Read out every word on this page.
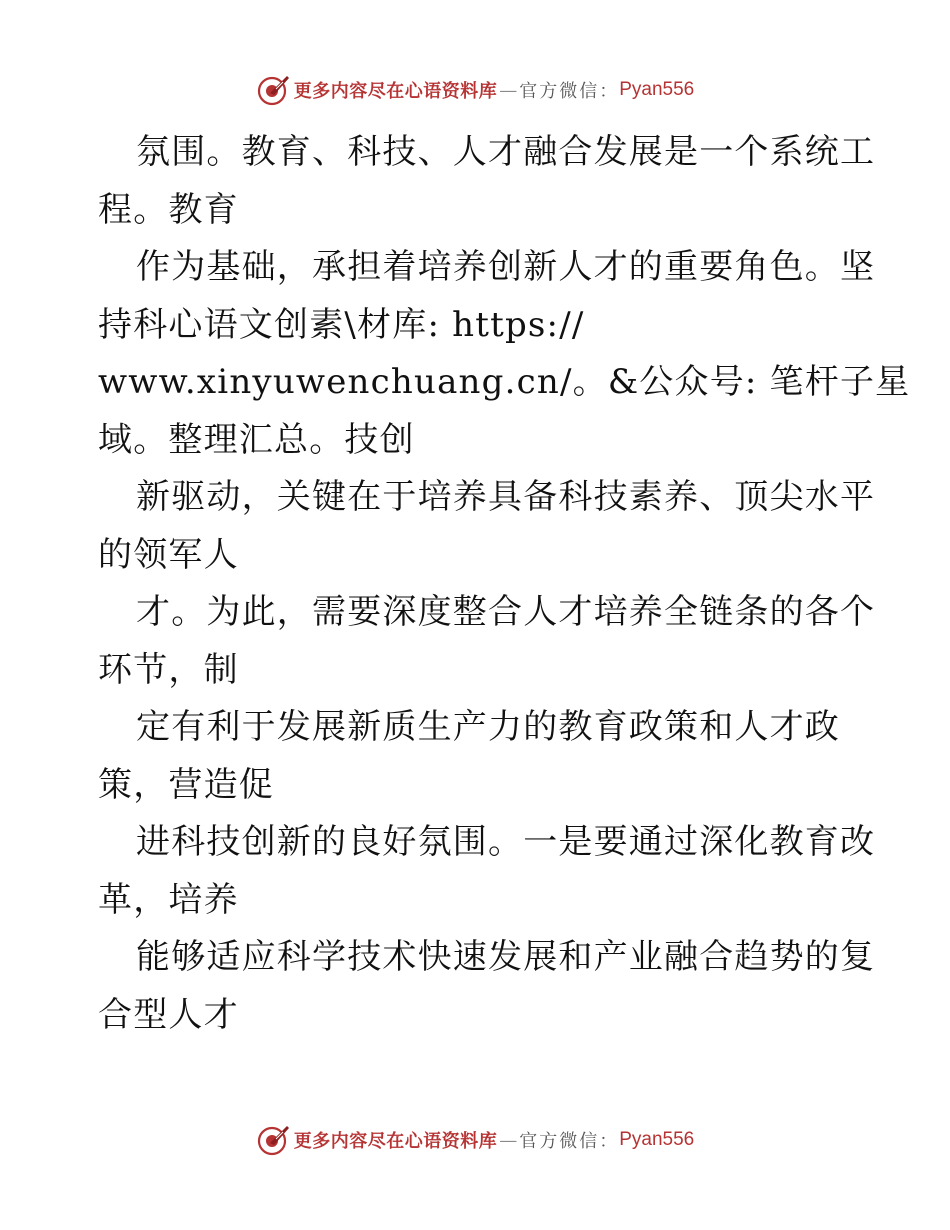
更多内容尽在心语资料库 — 官方微信： Pyan556
氛围。教育、科技、人才融合发展是一个系统工
程。教育
作为基础，承担着培养创新人才的重要角色。坚
持科心语文创素\材库: https://
www.xinyuwenchuang.cn/。&公众号: 笔杆子星
域。整理汇总。技创
新驱动，关键在于培养具备科技素养、顶尖水平
的领军人
才。为此，需要深度整合人才培养全链条的各个
环节，制
定有利于发展新质生产力的教育政策和人才政
策，营造促
进科技创新的良好氛围。一是要通过深化教育改
革，培养
能够适应科学技术快速发展和产业融合趋势的复
合型人才
更多内容尽在心语资料库 — 官方微信： Pyan556
